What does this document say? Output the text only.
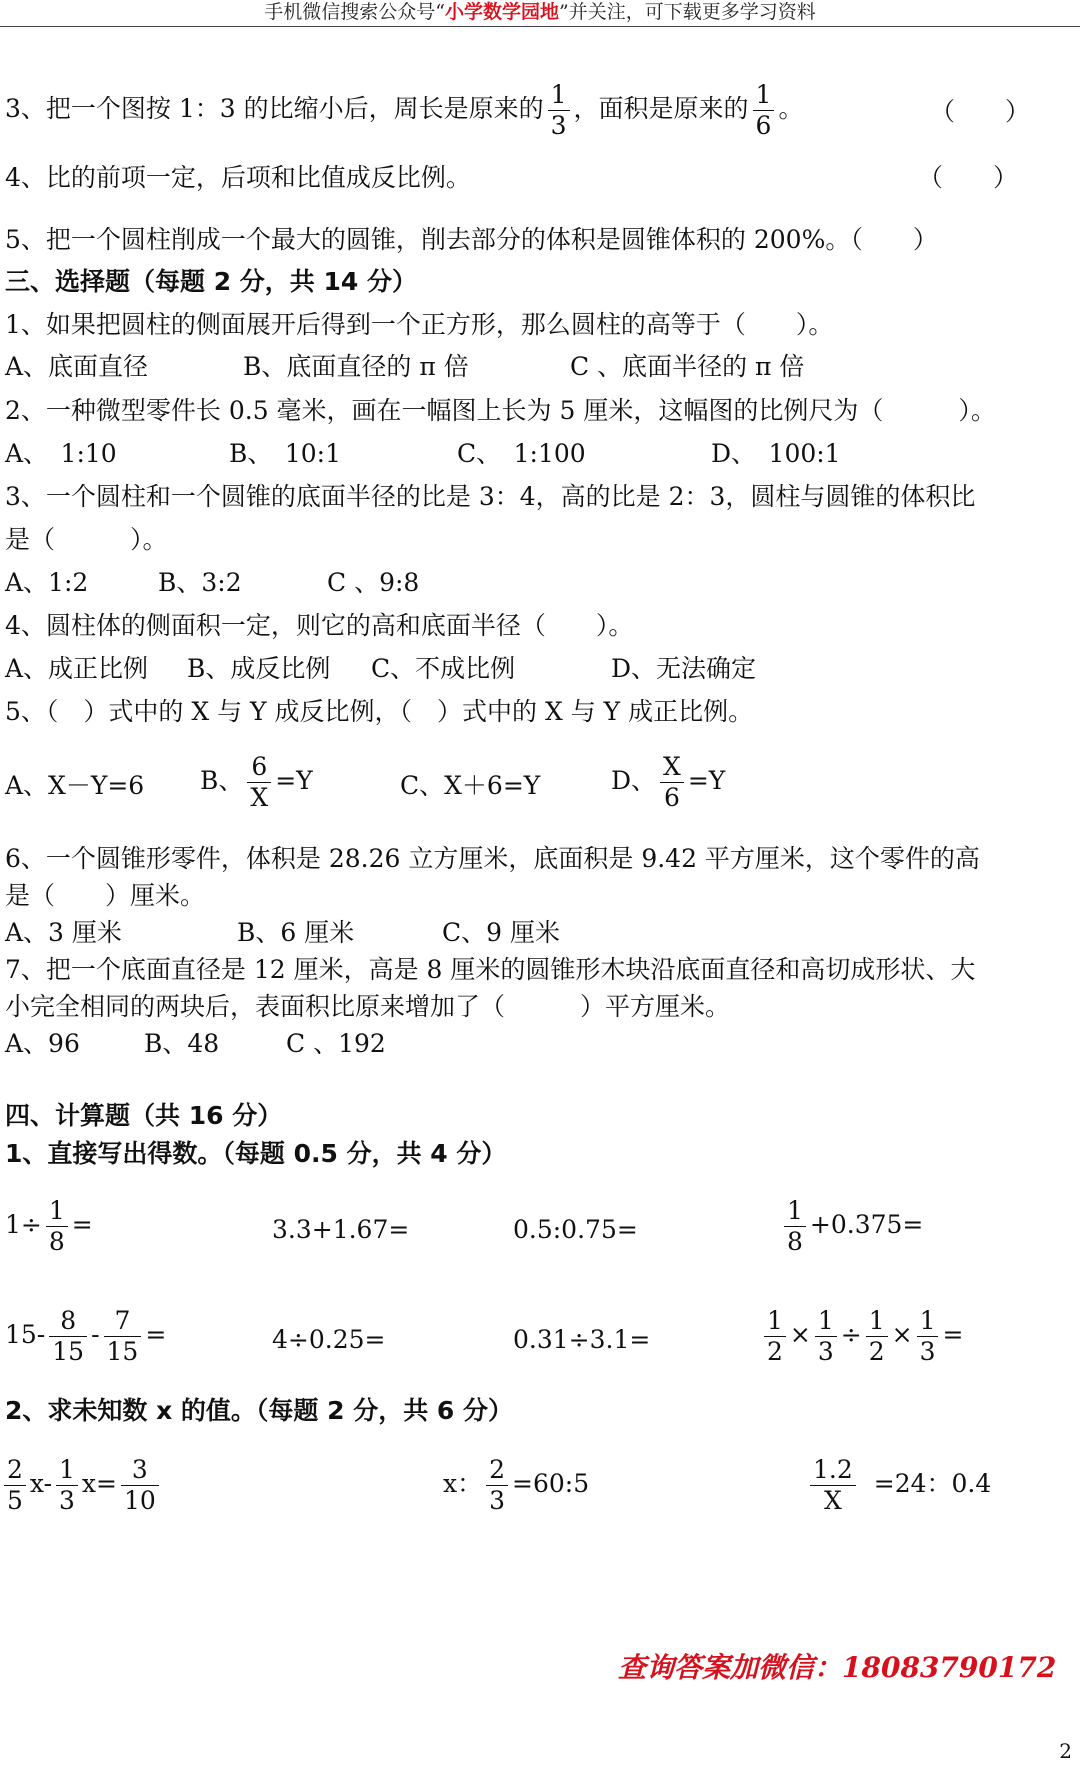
手机微信搜索公众号“小学数学园地”并关注，可下载更多学习资料
3、把一个图按 1：3 的比缩小后，周长是原来的 $\frac{1}{3}$ ，面积是原来的 $\frac{1}{6}$ 。	（　　）
4、比的前项一定，后项和比值成反比例。	（　　）
5、把一个圆柱削成一个最大的圆锥，削去部分的体积是圆锥体积的 200%。（　　）
三、选择题（每题 2 分，共 14 分）
1、如果把圆柱的侧面展开后得到一个正方形，那么圆柱的高等于（　　）。
A、底面直径	B、底面直径的 π 倍	C 、底面半径的 π 倍
2、一种微型零件长 0.5 毫米，画在一幅图上长为 5 厘米，这幅图的比例尺为（　　　）。
A、　1:10	B、　10:1	C、　1:100	D、　100:1
3、一个圆柱和一个圆锥的底面半径的比是 3：4，高的比是 2：3，圆柱与圆锥的体积比
是（　　　）。
A、1:2	B、3:2	C 、9:8
4、圆柱体的侧面积一定，则它的高和底面半径（　　）。
A、成正比例 B、成反比例 C、不成比例	D、无法确定
5、（　）式中的 X 与 Y 成反比例，（　）式中的 X 与 Y 成正比例。
A、X－Y=6 B、 $\frac{6}{X} =Y$	C、X＋6=Y	D、 $\frac{X}{6} =Y$
6、一个圆锥形零件，体积是 28.26 立方厘米，底面积是 9.42 平方厘米，这个零件的高
是（　　）厘米。
A、3 厘米	B、6 厘米	C、9 厘米
7、把一个底面直径是 12 厘米，高是 8 厘米的圆锥形木块沿底面直径和高切成形状、大
小完全相同的两块后，表面积比原来增加了（　　　）平方厘米。
A、96	B、48	C 、192
四、计算题（共 16 分）
1、直接写出得数。（每题 0.5 分，共 4 分）
$1\div \frac{1}{8}$ =	3.3+1.67=	0.5:0.75=	$\frac{1}{8} +0.375=$
$15- \frac{8}{15} - \frac{7}{15}$ =	4÷0.25=	0.31÷3.1=	$\frac{1}{2} \times \frac{1}{3} \div \frac{1}{2} \times \frac{1}{3}$ =
2、求未知数 x 的值。（每题 2 分，共 6 分）
$\frac{2}{5} x- \frac{1}{3} x= \frac{3}{10}$	x： $\frac{2}{3}$ =60:5	$\frac{1.2}{X} =24$：0.4
查询答案加微信：18083790172
2
